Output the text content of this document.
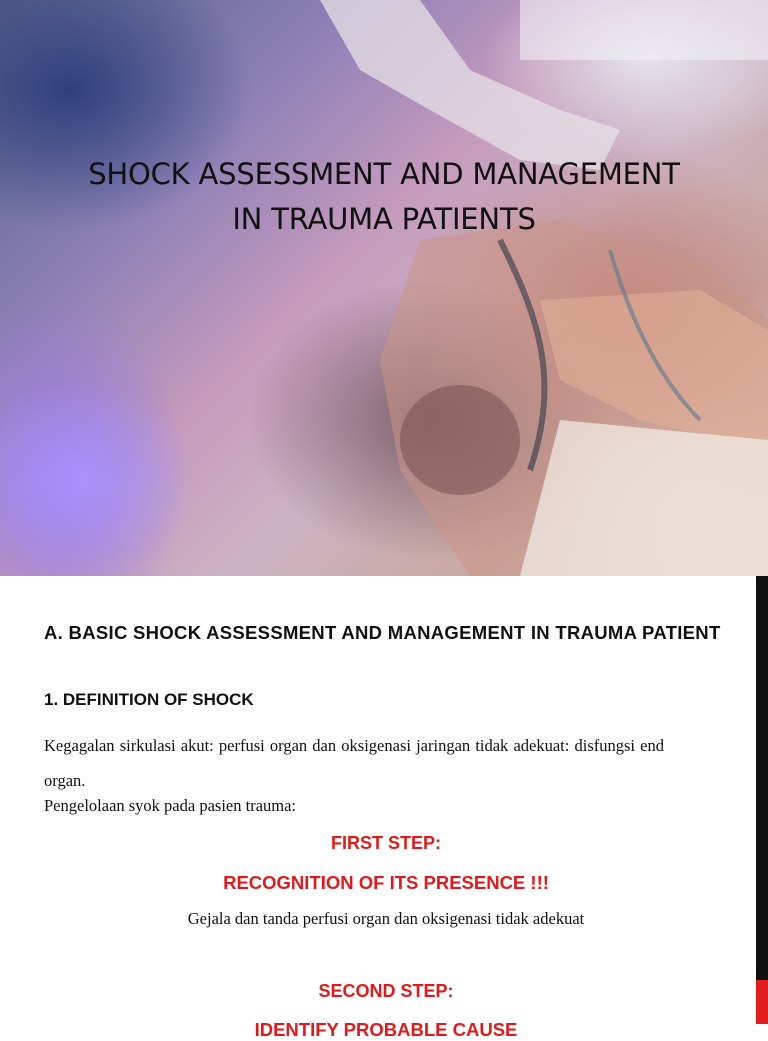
SHOCK ASSESSMENT AND MANAGEMENT
IN TRAUMA PATIENTS
A. BASIC SHOCK ASSESSMENT AND MANAGEMENT IN TRAUMA PATIENT
1. DEFINITION OF SHOCK
Kegagalan sirkulasi akut: perfusi organ dan oksigenasi jaringan tidak adekuat: disfungsi end organ.
Pengelolaan syok pada pasien trauma:
FIRST STEP:
RECOGNITION OF ITS PRESENCE !!!
Gejala dan tanda perfusi organ dan oksigenasi tidak adekuat
SECOND STEP:
IDENTIFY PROBABLE CAUSE
